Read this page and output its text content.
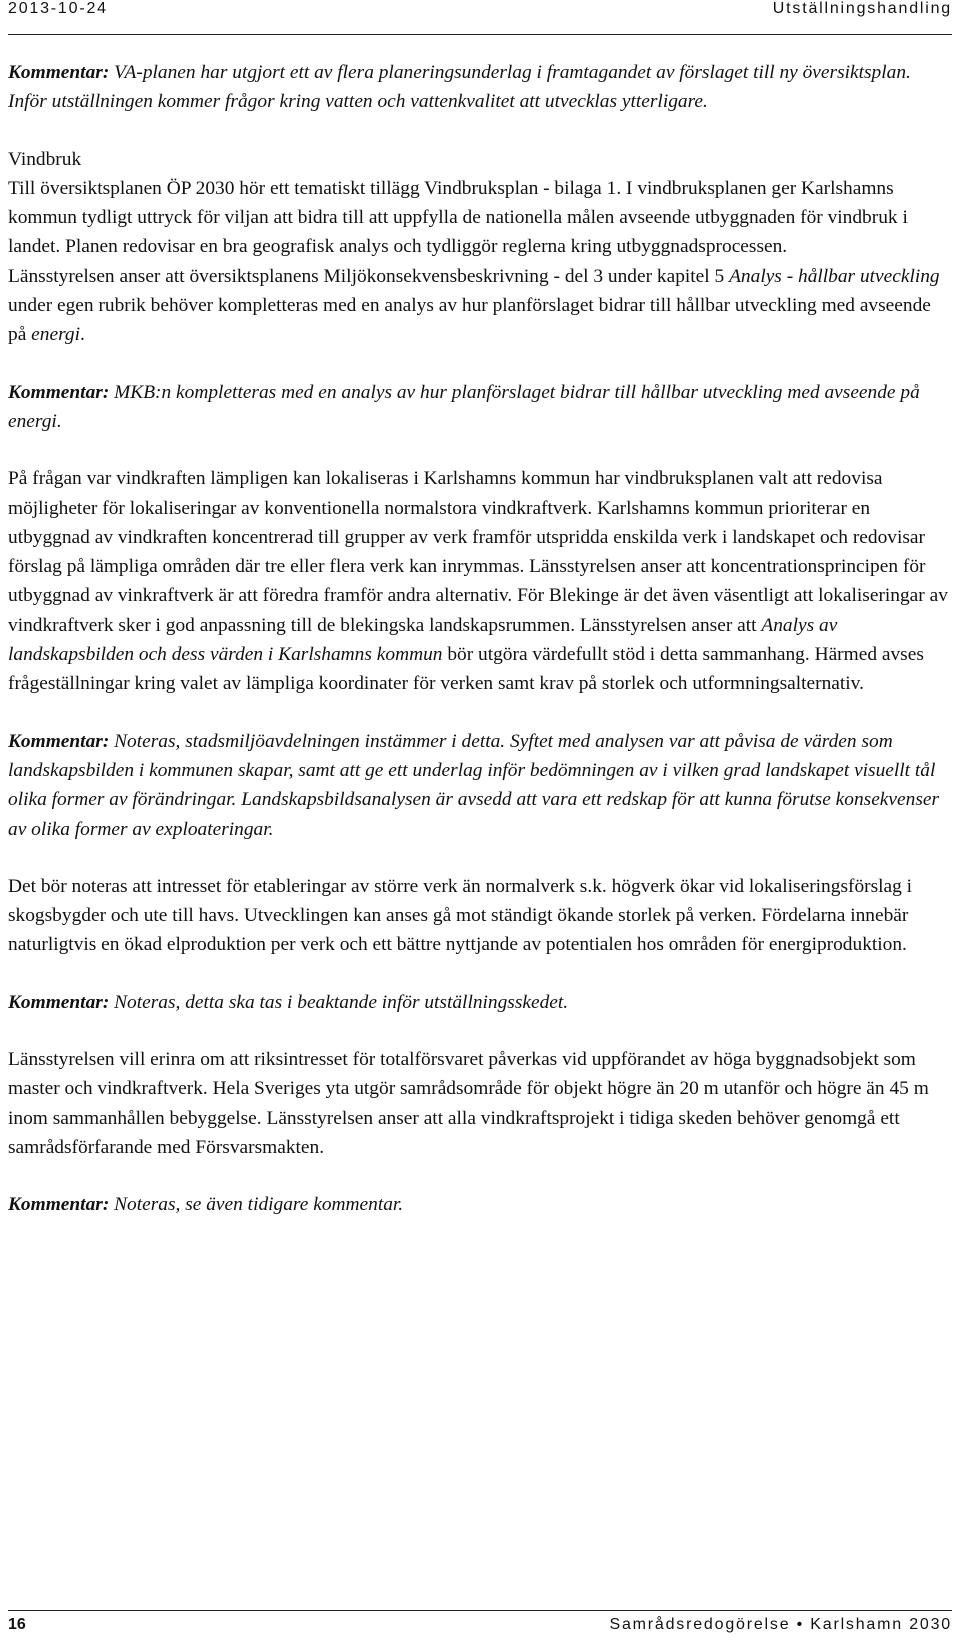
2013-10-24	Utställningshandling

Kommentar: VA-planen har utgjort ett av flera planeringsunderlag i framtagandet av förslaget till ny översiktsplan. Inför utställningen kommer frågor kring vatten och vattenkvalitet att utvecklas ytterligare.

Vindbruk

Till översiktsplanen ÖP 2030 hör ett tematiskt tillägg Vindbruksplan - bilaga 1. I vindbruksplanen ger Karlshamns kommun tydligt uttryck för viljan att bidra till att uppfylla de nationella målen avseende utbyggnaden för vindbruk i landet. Planen redovisar en bra geografisk analys och tydliggör reglerna kring utbyggnadsprocessen.

Länsstyrelsen anser att översiktsplanens Miljökonsekvensbeskrivning - del 3 under kapitel 5 Analys - hållbar utveckling under egen rubrik behöver kompletteras med en analys av hur planförslaget bidrar till hållbar utveckling med avseende på energi.

Kommentar: MKB:n kompletteras med en analys av hur planförslaget bidrar till hållbar utveckling med avseende på energi.

På frågan var vindkraften lämpligen kan lokaliseras i Karlshamns kommun har vindbruksplanen valt att redovisa möjligheter för lokaliseringar av konventionella normalstora vindkraftverk. Karlshamns kommun prioriterar en utbyggnad av vindkraften koncentrerad till grupper av verk framför utspridda enskilda verk i landskapet och redovisar förslag på lämpliga områden där tre eller flera verk kan inrymmas. Länsstyrelsen anser att koncentrationsprincipen för utbyggnad av vinkraftverk är att föredra framför andra alternativ. För Blekinge är det även väsentligt att lokaliseringar av vindkraftverk sker i god anpassning till de blekingska landskapsrummen. Länsstyrelsen anser att Analys av landskapsbilden och dess värden i Karlshamns kommun bör utgöra värdefullt stöd i detta sammanhang. Härmed avses frågeställningar kring valet av lämpliga koordinater för verken samt krav på storlek och utformningsalternativ.

Kommentar: Noteras, stadsmiljöavdelningen instämmer i detta. Syftet med analysen var att påvisa de värden som landskapsbilden i kommunen skapar, samt att ge ett underlag inför bedömningen av i vilken grad landskapet visuellt tål olika former av förändringar. Landskapsbildsanalysen är avsedd att vara ett redskap för att kunna förutse konsekvenser av olika former av exploateringar.

Det bör noteras att intresset för etableringar av större verk än normalverk s.k. högverk ökar vid lokaliseringsförslag i skogsbygder och ute till havs. Utvecklingen kan anses gå mot ständigt ökande storlek på verken. Fördelarna innebär naturligtvis en ökad elproduktion per verk och ett bättre nyttjande av potentialen hos områden för energiproduktion.

Kommentar: Noteras, detta ska tas i beaktande inför utställningsskedet.

Länsstyrelsen vill erinra om att riksintresset för totalförsvaret påverkas vid uppförandet av höga byggnadsobjekt som master och vindkraftverk. Hela Sveriges yta utgör samrådsområde för objekt högre än 20 m utanför och högre än 45 m inom sammanhållen bebyggelse. Länsstyrelsen anser att alla vindkraftsprojekt i tidiga skeden behöver genomgå ett samrådsförfarande med Försvarsmakten.

Kommentar: Noteras, se även tidigare kommentar.

16	Samrådsredogörelse • Karlshamn 2030
